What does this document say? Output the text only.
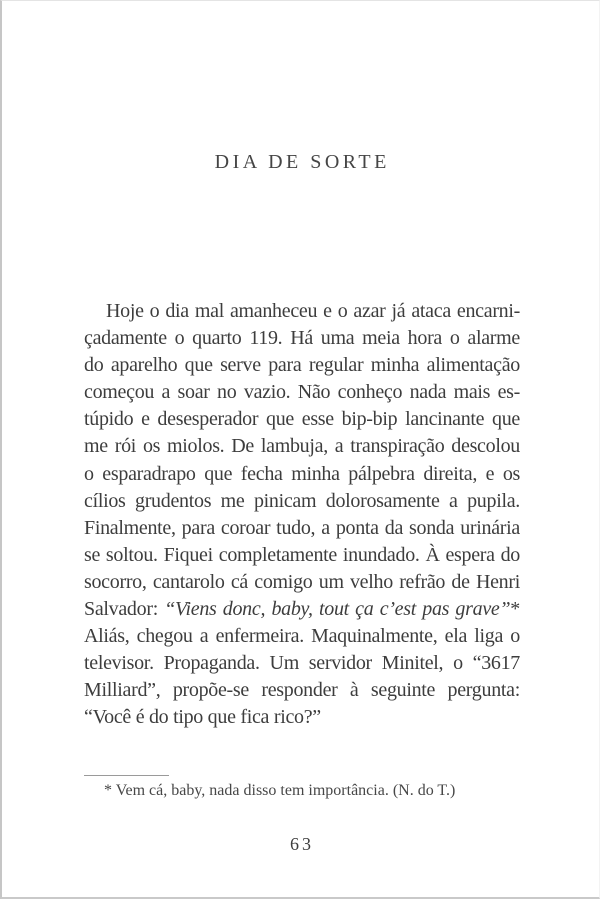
DIA DE SORTE
Hoje o dia mal amanheceu e o azar já ataca encarni-
çadamente o quarto 119. Há uma meia hora o alarme
do aparelho que serve para regular minha alimentação
começou a soar no vazio. Não conheço nada mais es-
túpido e desesperador que esse bip-bip lancinante que
me rói os miolos. De lambuja, a transpiração descolou
o esparadrapo que fecha minha pálpebra direita, e os
cílios grudentos me pinicam dolorosamente a pupila.
Finalmente, para coroar tudo, a ponta da sonda urinária
se soltou. Fiquei completamente inundado. À espera do
socorro, cantarolo cá comigo um velho refrão de Henri
Salvador: “Viens donc, baby, tout ça c’est pas grave”*
Aliás, chegou a enfermeira. Maquinalmente, ela liga o
televisor. Propaganda. Um servidor Minitel, o “3617
Milliard”, propõe-se responder à seguinte pergunta:
“Você é do tipo que fica rico?”
* Vem cá, baby, nada disso tem importância. (N. do T.)
63
